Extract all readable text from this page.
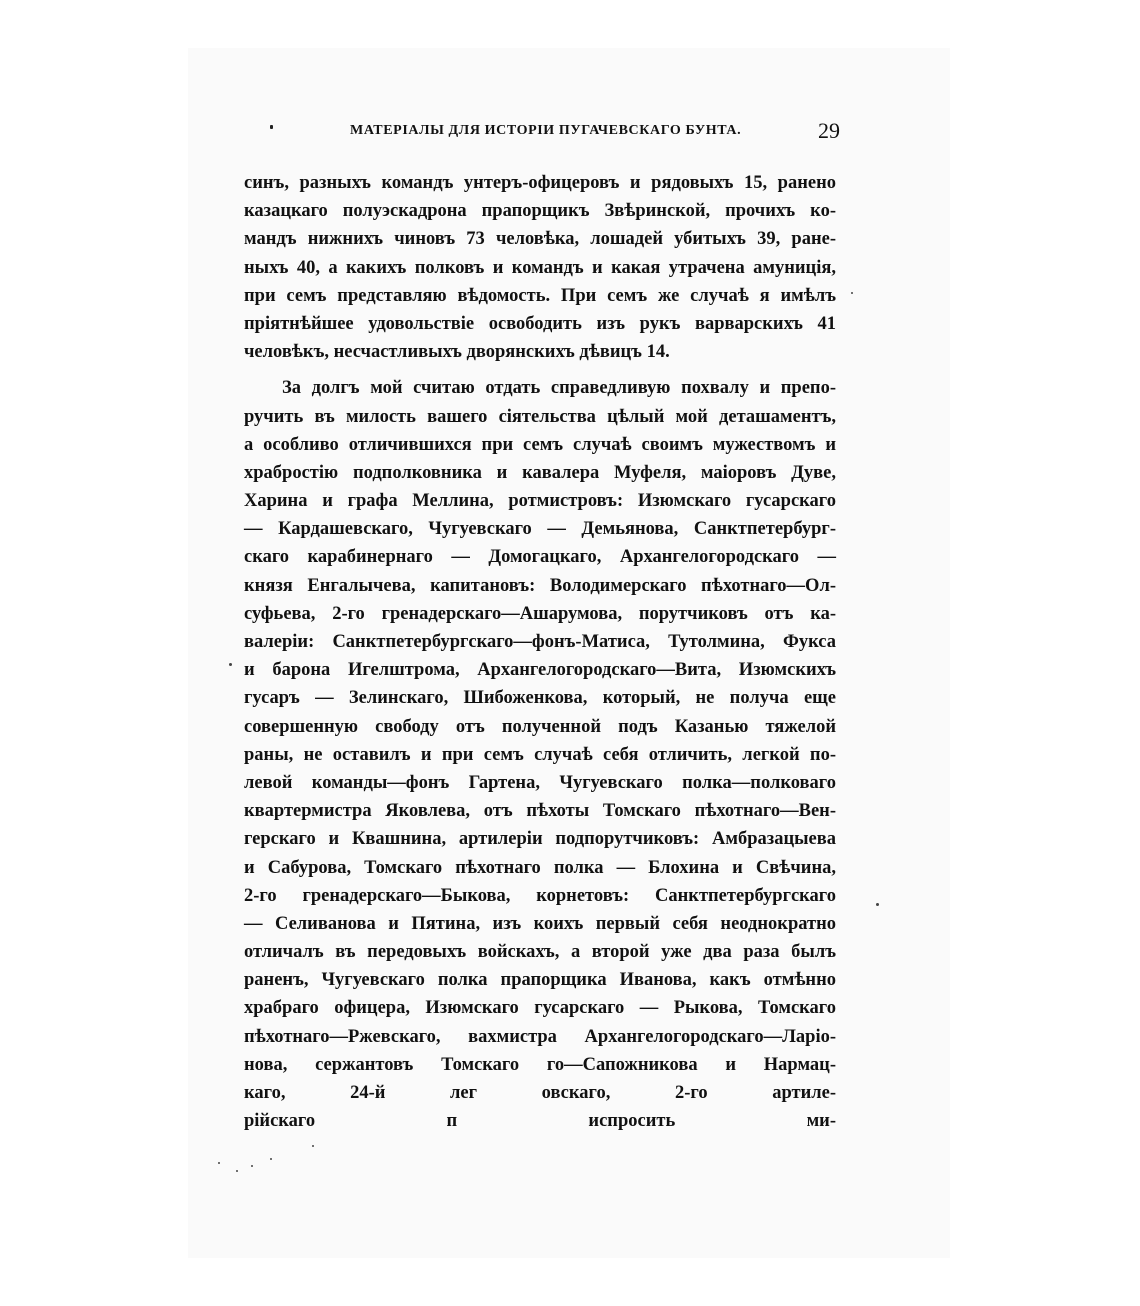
МАТЕРІАЛЫ ДЛЯ ИСТОРІИ ПУГАЧЕВСКАГО БУНТА.	29
синъ, разныхъ командъ унтеръ-офицеровъ и рядовыхъ 15, ранено
казацкаго полуэскадрона прапорщикъ Звѣринской, прочихъ ко-
мандъ нижнихъ чиновъ 73 человѣка, лошадей убитыхъ 39, ране-
ныхъ 40, а какихъ полковъ и командъ и какая утрачена амуниція,
при семъ представляю вѣдомость. При семъ же случаѣ я имѣлъ
пріятнѣйшее удовольствіе освободить изъ рукъ варварскихъ 41
человѣкъ, несчастливыхъ дворянскихъ дѣвицъ 14.
За долгъ мой считаю отдать справедливую похвалу и препо-
ручить въ милость вашего сіятельства цѣлый мой деташаментъ,
а особливо отличившихся при семъ случаѣ своимъ мужествомъ и
храбростію подполковника и кавалера Муфеля, маіоровъ Дуве,
Харина и графа Меллина, ротмистровъ: Изюмскаго гусарскаго
— Кардашевскаго, Чугуевскаго — Демьянова, Санктпетербург-
скаго карабинернаго — Домогацкаго, Архангелогородскаго —
князя Енгалычева, капитановъ: Володимерскаго пѣхотнаго—Ол-
суфьева, 2-го гренадерскаго—Ашарумова, порутчиковъ отъ ка-
валеріи: Санктпетербургскаго—фонъ-Матиса, Тутолмина, Фукса
и барона Игелштрома, Архангелогородскаго—Вита, Изюмскихъ
гусаръ — Зелинскаго, Шибоженкова, который, не получа еще
совершенную свободу отъ полученной подъ Казанью тяжелой
раны, не оставилъ и при семъ случаѣ себя отличить, легкой по-
левой команды—фонъ Гартена, Чугуевскаго полка—полковаго
квартермистра Яковлева, отъ пѣхоты Томскаго пѣхотнаго—Вен-
герскаго и Квашнина, артилеріи подпорутчиковъ: Амбразацыева
и Сабурова, Томскаго пѣхотнаго полка — Блохина и Свѣчина,
2-го гренадерскаго—Быкова, корнетовъ: Санктпетербургскаго
— Селиванова и Пятина, изъ коихъ первый себя неоднократно
отличалъ въ передовыхъ войскахъ, а второй уже два раза былъ
раненъ, Чугуевскаго полка прапорщика Иванова, какъ отмѣнно
храбраго офицера, Изюмскаго гусарскаго — Рыкова, Томскаго
пѣхотнаго—Ржевскаго, вахмистра Архангелогородскаго—Ларіо-
нова, сержантовъ Томскаго го—Сапожникова и Нармац-
каго, 24-й лег овскаго, 2-го артиле-
рійскаго п испросить ми-
